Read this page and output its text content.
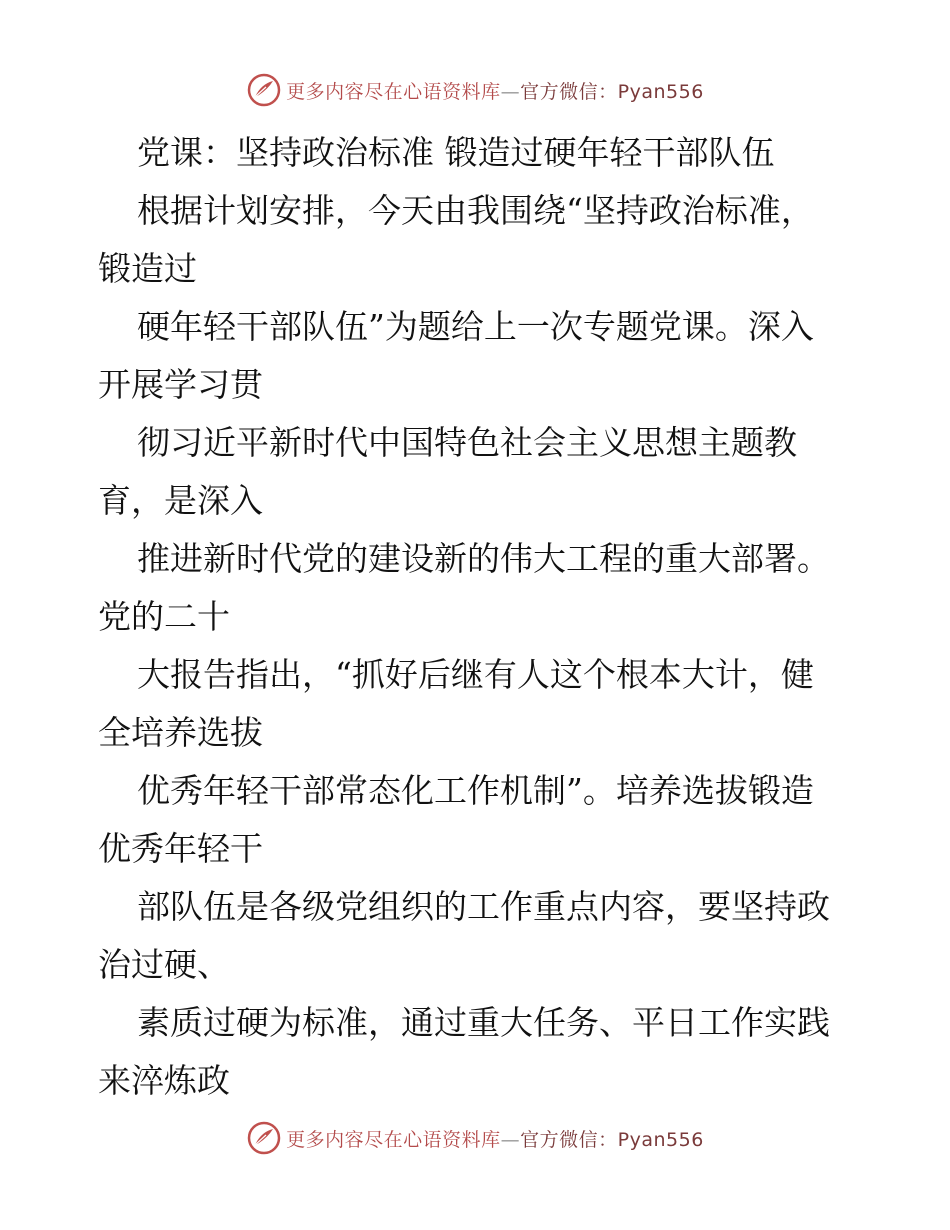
更多内容尽在心语资料库—官方微信：Pyan556
党课：坚持政治标准 锻造过硬年轻干部队伍
根据计划安排，今天由我围绕“坚持政治标准，
锻造过
硬年轻干部队伍”为题给上一次专题党课。深入
开展学习贯
彻习近平新时代中国特色社会主义思想主题教
育，是深入
推进新时代党的建设新的伟大工程的重大部署。
党的二十
大报告指出，“抓好后继有人这个根本大计，健
全培养选拔
优秀年轻干部常态化工作机制”。培养选拔锻造
优秀年轻干
部队伍是各级党组织的工作重点内容，要坚持政
治过硬、
素质过硬为标准，通过重大任务、平日工作实践
来淬炼政
更多内容尽在心语资料库—官方微信：Pyan556
